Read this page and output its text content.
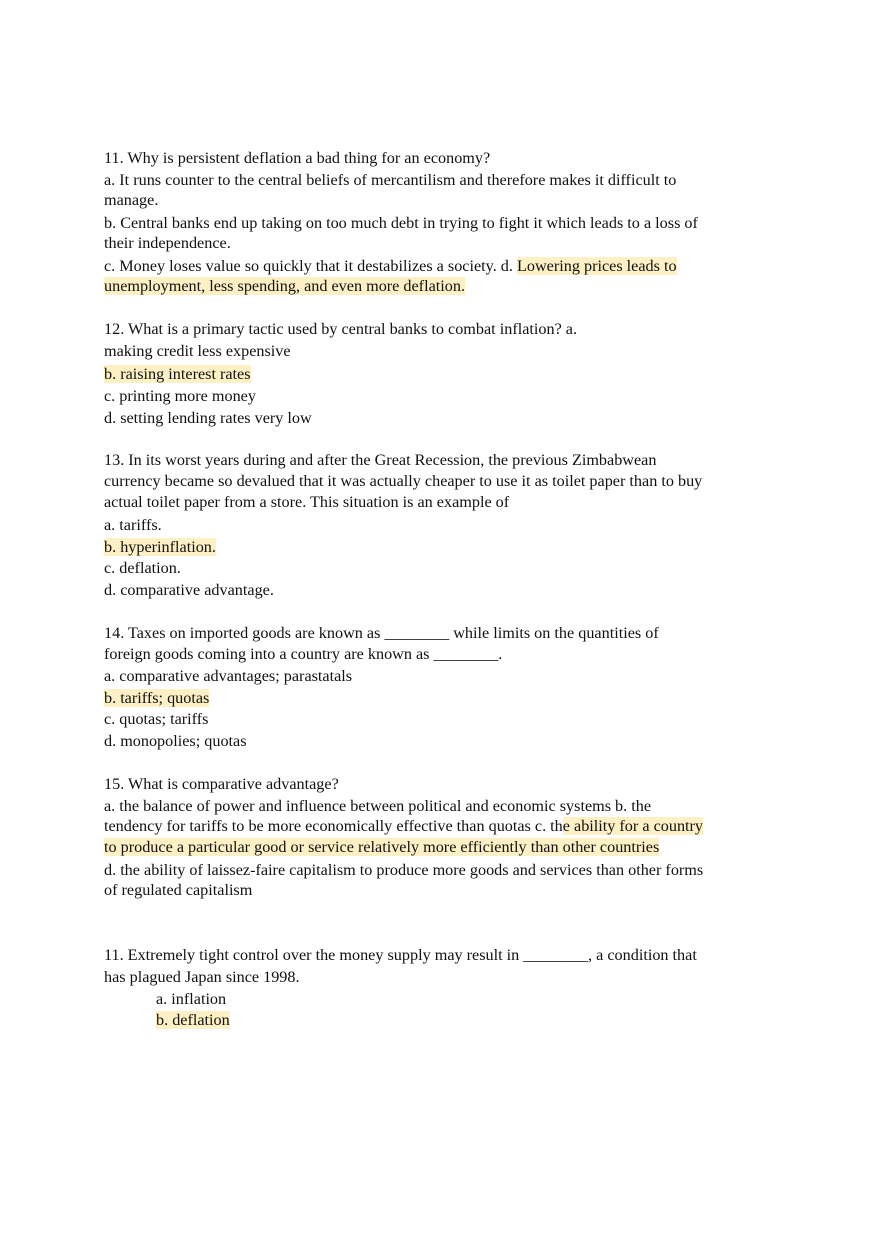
11. Why is persistent deflation a bad thing for an economy?
a. It runs counter to the central beliefs of mercantilism and therefore makes it difficult to
manage.
b. Central banks end up taking on too much debt in trying to fight it which leads to a loss of
their independence.
c. Money loses value so quickly that it destabilizes a society. d. Lowering prices leads to
unemployment, less spending, and even more deflation.
12. What is a primary tactic used by central banks to combat inflation? a.
making credit less expensive
b. raising interest rates
c. printing more money
d. setting lending rates very low
13. In its worst years during and after the Great Recession, the previous Zimbabwean
currency became so devalued that it was actually cheaper to use it as toilet paper than to buy
actual toilet paper from a store. This situation is an example of
a. tariffs.
b. hyperinflation.
c. deflation.
d. comparative advantage.
14. Taxes on imported goods are known as ________ while limits on the quantities of
foreign goods coming into a country are known as ________.
a. comparative advantages; parastatals
b. tariffs; quotas
c. quotas; tariffs
d. monopolies; quotas
15. What is comparative advantage?
a. the balance of power and influence between political and economic systems b. the
tendency for tariffs to be more economically effective than quotas c. the ability for a country
to produce a particular good or service relatively more efficiently than other countries
d. the ability of laissez-faire capitalism to produce more goods and services than other forms
of regulated capitalism
11. Extremely tight control over the money supply may result in ________, a condition that
has plagued Japan since 1998.
a. inflation
b. deflation
